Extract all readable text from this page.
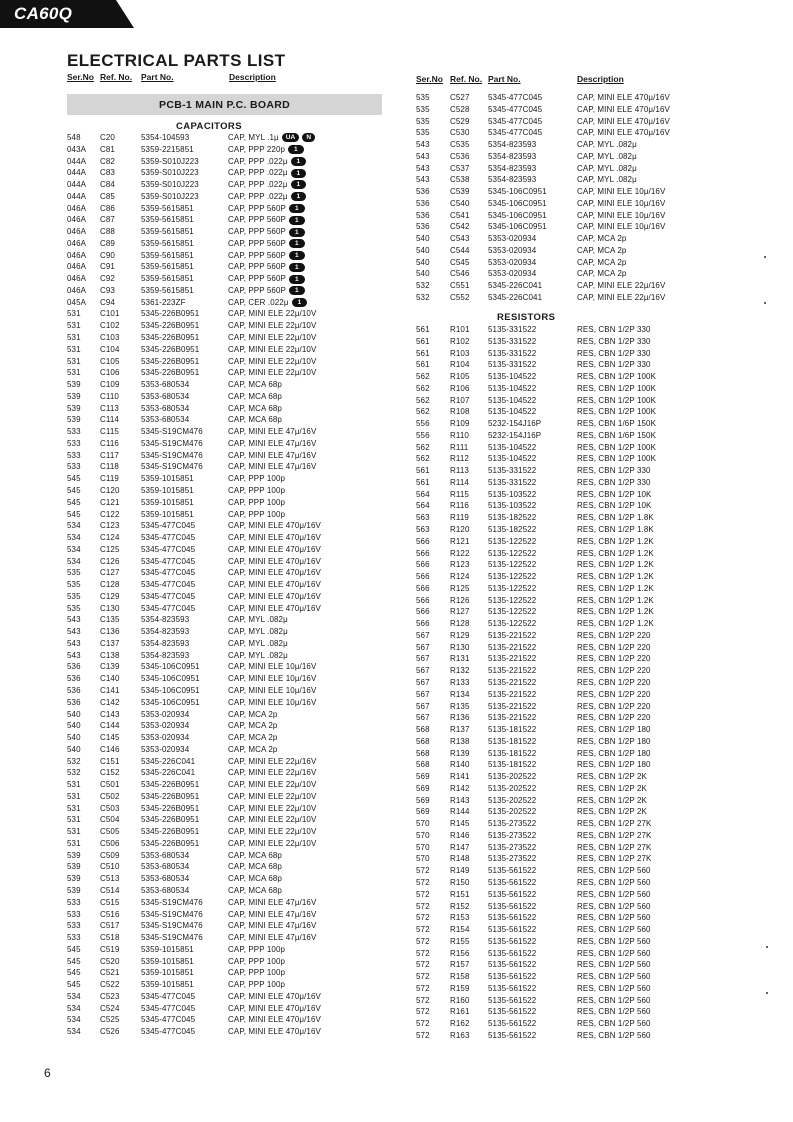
CA60Q
ELECTRICAL PARTS LIST
Ser.No Ref. No. Part No.	Description	Ser.No Ref. No. Part No.	Description
PCB-1 MAIN P.C. BOARD
CAPACITORS
548 C20	5354-104593	CAP, MYL .1μ UA N
043A C81	5359-2215851	CAP, PPP 220p 1
044A C82	5359-S010J223	CAP, PPP .022μ 1
044A C83	5359-S010J223	CAP, PPP .022μ 1
044A C84	5359-S010J223	CAP, PPP .022μ 1
044A C85	5359-S010J223	CAP, PPP .022μ 1
046A C86	5359-5615851	CAP, PPP 560P 1
046A C87	5359-5615851	CAP, PPP 560P 1
046A C88	5359-5615851	CAP, PPP 560P 1
046A C89	5359-5615851	CAP, PPP 560P 1
046A C90	5359-5615851	CAP, PPP 560P 1
046A C91	5359-5615851	CAP, PPP 560P 1
046A C92	5359-5615851	CAP, PPP 560P 1
046A C93	5359-5615851	CAP, PPP 560P 1
045A C94	5361-223ZF	CAP, CER .022μ 1
531 C101	5345-226B0951	CAP, MINI ELE 22μ/10V
531 C102	5345-226B0951	CAP, MINI ELE 22μ/10V
531 C103	5345-226B0951	CAP, MINI ELE 22μ/10V
531 C104	5345-226B0951	CAP, MINI ELE 22μ/10V
531 C105	5345-226B0951	CAP, MINI ELE 22μ/10V
531 C106	5345-226B0951	CAP, MINI ELE 22μ/10V
539 C109	5353-680534	CAP, MCA 68p
539 C110	5353-680534	CAP, MCA 68p
539 C113	5353-680534	CAP, MCA 68p
539 C114	5353-680534	CAP, MCA 68p
533 C115	5345-S19CM476	CAP, MINI ELE 47μ/16V
533 C116	5345-S19CM476	CAP, MINI ELE 47μ/16V
533 C117	5345-S19CM476	CAP, MINI ELE 47μ/16V
533 C118	5345-S19CM476	CAP, MINI ELE 47μ/16V
545 C119	5359-1015851	CAP, PPP 100p
545 C120	5359-1015851	CAP, PPP 100p
545 C121	5359-1015851	CAP, PPP 100p
545 C122	5359-1015851	CAP, PPP 100p
534 C123	5345-477C045	CAP, MINI ELE 470μ/16V
534 C124	5345-477C045	CAP, MINI ELE 470μ/16V
534 C125	5345-477C045	CAP, MINI ELE 470μ/16V
534 C126	5345-477C045	CAP, MINI ELE 470μ/16V
535 C127	5345-477C045	CAP, MINI ELE 470μ/16V
535 C128	5345-477C045	CAP, MINI ELE 470μ/16V
535 C129	5345-477C045	CAP, MINI ELE 470μ/16V
535 C130	5345-477C045	CAP, MINI ELE 470μ/16V
543 C135	5354-823593	CAP, MYL .082μ
543 C136	5354-823593	CAP, MYL .082μ
543 C137	5354-823593	CAP, MYL .082μ
543 C138	5354-823593	CAP, MYL .082μ
536 C139	5345-106C0951	CAP, MINI ELE 10μ/16V
536 C140	5345-106C0951	CAP, MINI ELE 10μ/16V
536 C141	5345-106C0951	CAP, MINI ELE 10μ/16V
536 C142	5345-106C0951	CAP, MINI ELE 10μ/16V
540 C143	5353-020934	CAP, MCA 2p
540 C144	5353-020934	CAP, MCA 2p
540 C145	5353-020934	CAP, MCA 2p
540 C146	5353-020934	CAP, MCA 2p
532 C151	5345-226C041	CAP, MINI ELE 22μ/16V
532 C152	5345-226C041	CAP, MINI ELE 22μ/16V
531 C501	5345-226B0951	CAP, MINI ELE 22μ/10V
531 C502	5345-226B0951	CAP, MINI ELE 22μ/10V
531 C503	5345-226B0951	CAP, MINI ELE 22μ/10V
531 C504	5345-226B0951	CAP, MINI ELE 22μ/10V
531 C505	5345-226B0951	CAP, MINI ELE 22μ/10V
531 C506	5345-226B0951	CAP, MINI ELE 22μ/10V
539 C509	5353-680534	CAP, MCA 68p
539 C510	5353-680534	CAP, MCA 68p
539 C513	5353-680534	CAP, MCA 68p
539 C514	5353-680534	CAP, MCA 68p
533 C515	5345-S19CM476	CAP, MINI ELE 47μ/16V
533 C516	5345-S19CM476	CAP, MINI ELE 47μ/16V
533 C517	5345-S19CM476	CAP, MINI ELE 47μ/16V
533 C518	5345-S19CM476	CAP, MINI ELE 47μ/16V
545 C519	5359-1015851	CAP, PPP 100p
545 C520	5359-1015851	CAP, PPP 100p
545 C521	5359-1015851	CAP, PPP 100p
545 C522	5359-1015851	CAP, PPP 100p
534 C523	5345-477C045	CAP, MINI ELE 470μ/16V
534 C524	5345-477C045	CAP, MINI ELE 470μ/16V
534 C525	5345-477C045	CAP, MINI ELE 470μ/16V
534 C526	5345-477C045	CAP, MINI ELE 470μ/16V
535	C527 5345-477C045	CAP, MINI ELE 470μ/16V
535	C528 5345-477C045	CAP, MINI ELE 470μ/16V
535	C529 5345-477C045	CAP, MINI ELE 470μ/16V
535	C530 5345-477C045	CAP, MINI ELE 470μ/16V
543	C535 5354-823593	CAP, MYL .082μ
543	C536 5354-823593	CAP, MYL .082μ
543	C537 5354-823593	CAP, MYL .082μ
543	C538 5354-823593	CAP, MYL .082μ
536	C539 5345-106C0951	CAP, MINI ELE 10μ/16V
536	C540 5345-106C0951	CAP, MINI ELE 10μ/16V
536	C541 5345-106C0951	CAP, MINI ELE 10μ/16V
536	C542 5345-106C0951	CAP, MINI ELE 10μ/16V
540	C543 5353-020934	CAP, MCA 2p
540	C544 5353-020934	CAP, MCA 2p
540	C545 5353-020934	CAP, MCA 2p
540	C546 5353-020934	CAP, MCA 2p
532	C551 5345-226C041	CAP, MINI ELE 22μ/16V
532	C552 5345-226C041	CAP, MINI ELE 22μ/16V
RESISTORS
561	R101 5135-331522	RES, CBN 1/2P 330
561	R102 5135-331522	RES, CBN 1/2P 330
561	R103 5135-331522	RES, CBN 1/2P 330
561	R104 5135-331522	RES, CBN 1/2P 330
562	R105 5135-104522	RES, CBN 1/2P 100K
562	R106 5135-104522	RES, CBN 1/2P 100K
562	R107 5135-104522	RES, CBN 1/2P 100K
562	R108 5135-104522	RES, CBN 1/2P 100K
556	R109 5232-154J16P	RES, CBN 1/6P 150K
556	R110 5232-154J16P	RES, CBN 1/6P 150K
562	R111 5135-104522	RES, CBN 1/2P 100K
562	R112 5135-104522	RES, CBN 1/2P 100K
561	R113 5135-331522	RES, CBN 1/2P 330
561	R114 5135-331522	RES, CBN 1/2P 330
564	R115 5135-103522	RES, CBN 1/2P 10K
564	R116 5135-103522	RES, CBN 1/2P 10K
563	R119 5135-182522	RES, CBN 1/2P 1.8K
563	R120 5135-182522	RES, CBN 1/2P 1.8K
566	R121 5135-122522	RES, CBN 1/2P 1.2K
566	R122 5135-122522	RES, CBN 1/2P 1.2K
566	R123 5135-122522	RES, CBN 1/2P 1.2K
566	R124 5135-122522	RES, CBN 1/2P 1.2K
566	R125 5135-122522	RES, CBN 1/2P 1.2K
566	R126 5135-122522	RES, CBN 1/2P 1.2K
566	R127 5135-122522	RES, CBN 1/2P 1.2K
566	R128 5135-122522	RES, CBN 1/2P 1.2K
567	R129 5135-221522	RES, CBN 1/2P 220
567	R130 5135-221522	RES, CBN 1/2P 220
567	R131 5135-221522	RES, CBN 1/2P 220
567	R132 5135-221522	RES, CBN 1/2P 220
567	R133 5135-221522	RES, CBN 1/2P 220
567	R134 5135-221522	RES, CBN 1/2P 220
567	R135 5135-221522	RES, CBN 1/2P 220
567	R136 5135-221522	RES, CBN 1/2P 220
568	R137 5135-181522	RES, CBN 1/2P 180
568	R138 5135-181522	RES, CBN 1/2P 180
568	R139 5135-181522	RES, CBN 1/2P 180
568	R140 5135-181522	RES, CBN 1/2P 180
569	R141 5135-202522	RES, CBN 1/2P 2K
569	R142 5135-202522	RES, CBN 1/2P 2K
569	R143 5135-202522	RES, CBN 1/2P 2K
569	R144 5135-202522	RES, CBN 1/2P 2K
570	R145 5135-273522	RES, CBN 1/2P 27K
570	R146 5135-273522	RES, CBN 1/2P 27K
570	R147 5135-273522	RES, CBN 1/2P 27K
570	R148 5135-273522	RES, CBN 1/2P 27K
572	R149 5135-561522	RES, CBN 1/2P 560
572	R150 5135-561522	RES, CBN 1/2P 560
572	R151 5135-561522	RES, CBN 1/2P 560
572	R152 5135-561522	RES, CBN 1/2P 560
572	R153 5135-561522	RES, CBN 1/2P 560
572	R154 5135-561522	RES, CBN 1/2P 560
572	R155 5135-561522	RES, CBN 1/2P 560
572	R156 5135-561522	RES, CBN 1/2P 560
572	R157 5135-561522	RES, CBN 1/2P 560
572	R158 5135-561522	RES, CBN 1/2P 560
572	R159 5135-561522	RES, CBN 1/2P 560
572	R160 5135-561522	RES, CBN 1/2P 560
572	R161 5135-561522	RES, CBN 1/2P 560
572	R162 5135-561522	RES, CBN 1/2P 560
572	R163 5135-561522	RES, CBN 1/2P 560
6
